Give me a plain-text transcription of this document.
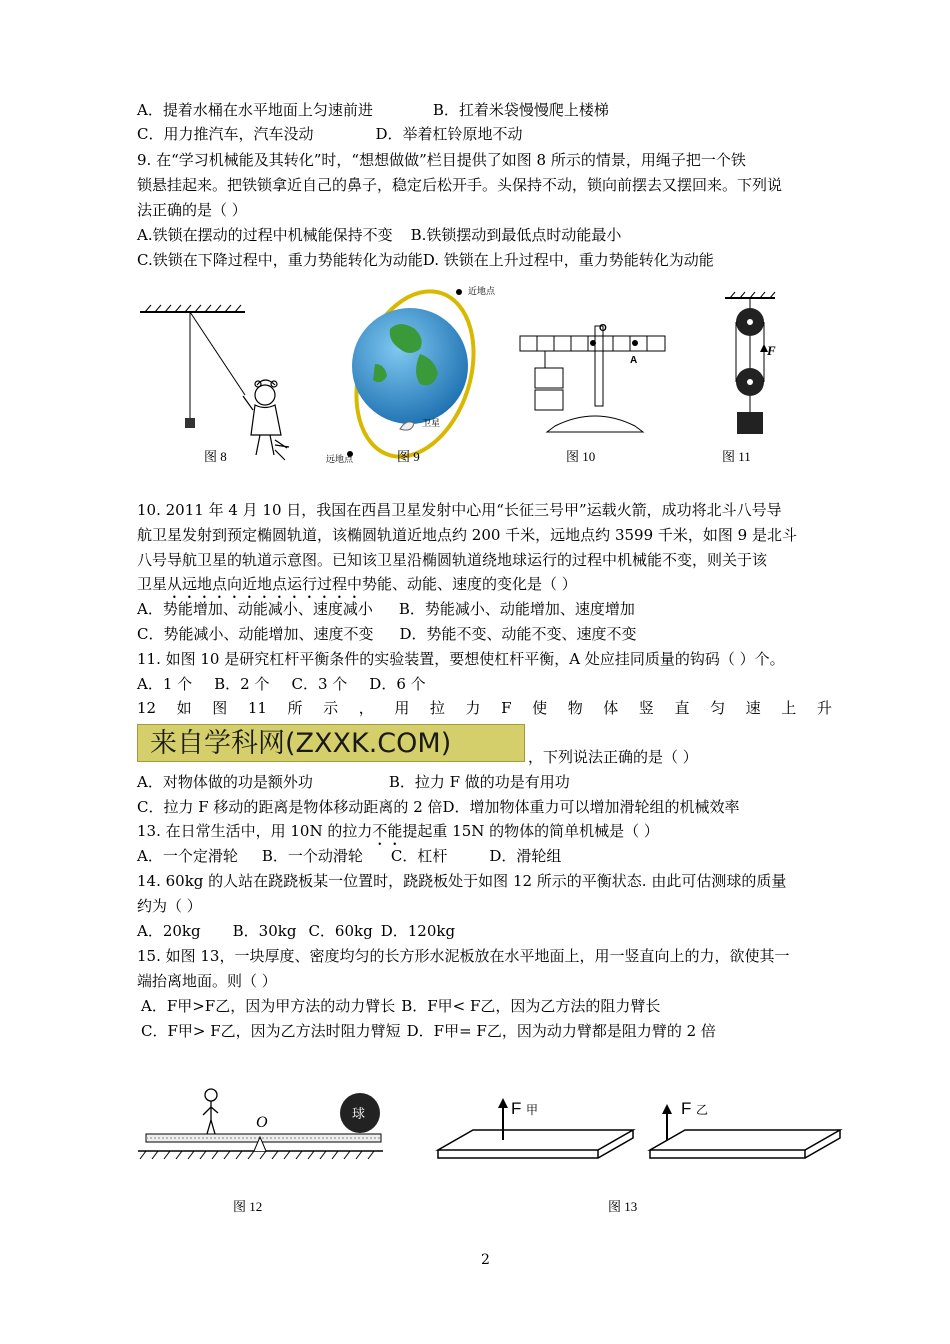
A．提着水桶在水平地面上匀速前进	B．扛着米袋慢慢爬上楼梯
C．用力推汽车，汽车没动	D．举着杠铃原地不动
9. 在“学习机械能及其转化”时，“想想做做”栏目提供了如图 8 所示的情景，用绳子把一个铁
锁悬挂起来。把铁锁拿近自己的鼻子，稳定后松开手。头保持不动，锁向前摆去又摆回来。下列说
法正确的是（ ）
A.铁锁在摆动的过程中机械能保持不变 B.铁锁摆动到最低点时动能最小
C.铁锁在下降过程中，重力势能转化为动能D. 铁锁在上升过程中，重力势能转化为动能
图 8
近地点
远地点
卫星
图 9
O
A
图 10
F
图 11
10. 2011 年 4 月 10 日，我国在西昌卫星发射中心用“长征三号甲”运载火箭，成功将北斗八号导
航卫星发射到预定椭圆轨道，该椭圆轨道近地点约 200 千米，远地点约 3599 千米，如图 9 是北斗
八号导航卫星的轨道示意图。已知该卫星沿椭圆轨道绕地球运行的过程中机械能不变，则关于该
卫星从远地点向近地点运行过程中势能、动能、速度的变化是（ ）
A．势能增加、动能减小、速度减小 B．势能减小、动能增加、速度增加
C．势能减小、动能增加、速度不变 D．势能不变、动能不变、速度不变
11. 如图 10 是研究杠杆平衡条件的实验装置，要想使杠杆平衡，A 处应挂同质量的钩码（ ）个。
A．1 个 B．2 个 C．3 个 D．6 个
12 如 图 11 所 示 ， 用 拉 力 F 使 物 体 竖 直 匀 速 上 升
来自学科网(ZXXK.COM)	，下列说法正确的是（ ）
A．对物体做的功是额外功	B．拉力 F 做的功是有用功
C．拉力 F 移动的距离是物体移动距离的 2 倍D．增加物体重力可以增加滑轮组的机械效率
13. 在日常生活中，用 10N 的拉力不能提起重 15N 的物体的简单机械是（ ）
A．一个定滑轮 B．一个动滑轮 C．杠杆	D．滑轮组
14. 60kg 的人站在跷跷板某一位置时，跷跷板处于如图 12 所示的平衡状态. 由此可估测球的质量
约为（ ）
A．20kg B．30kg C．60kg D．120kg
15. 如图 13，一块厚度、密度均匀的长方形水泥板放在水平地面上，用一竖直向上的力，欲使其一
端抬离地面。则（ ）
A．F甲>F乙，因为甲方法的动力臂长 B．F甲< F乙，因为乙方法的阻力臂长
C．F甲> F乙，因为乙方法时阻力臂短 D．F甲= F乙，因为动力臂都是阻力臂的 2 倍
球
O
图 12
F 甲	F 乙
图 13
2
